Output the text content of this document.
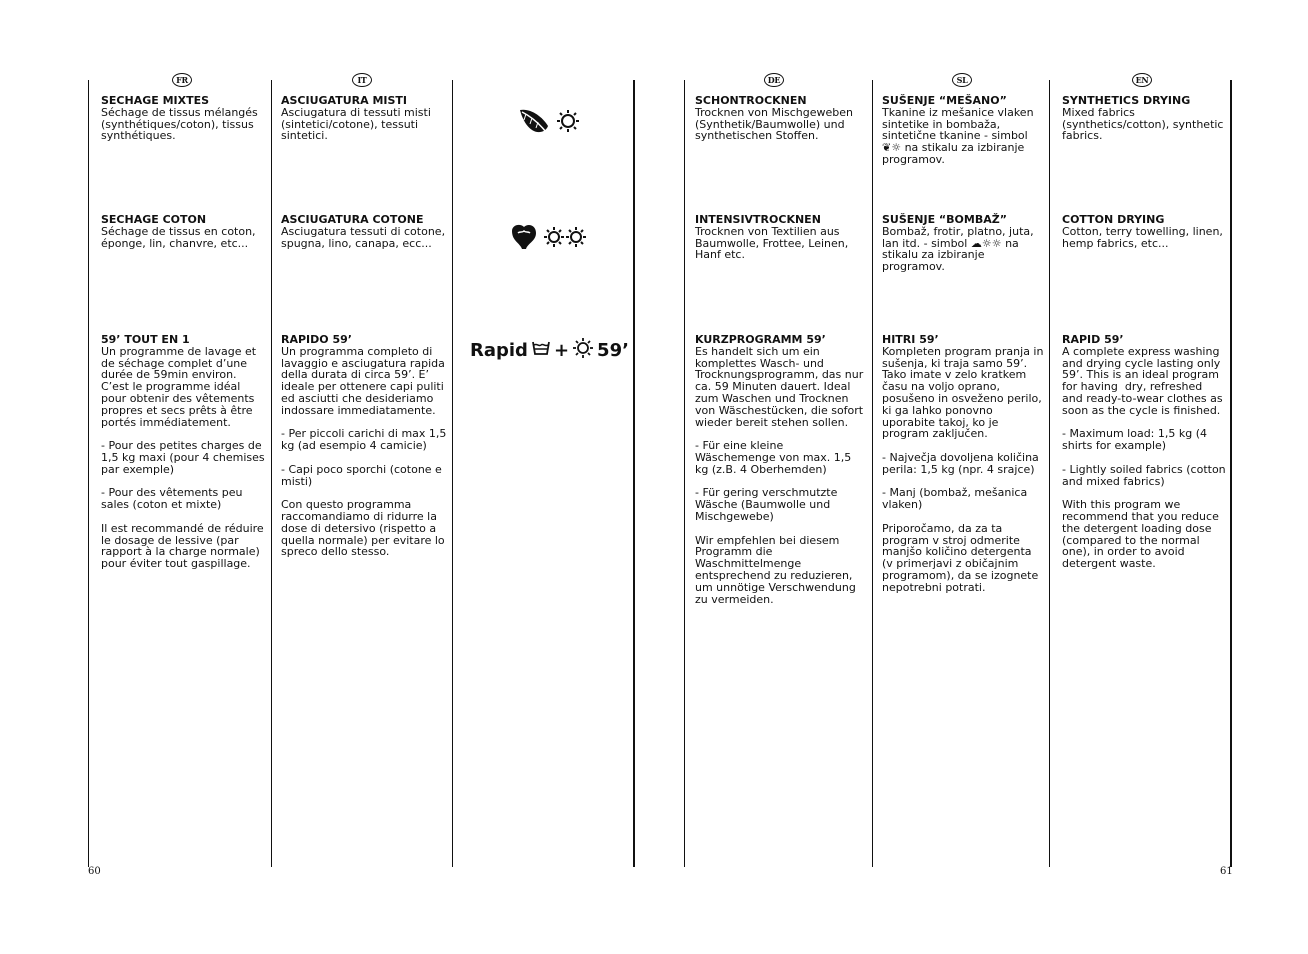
FR	IT	DE	SL	EN
SECHAGE MIXTES
Séchage de tissus mélangés (synthétiques/coton), tissus synthétiques.
SECHAGE COTON
Séchage de tissus en coton, éponge, lin, chanvre, etc...
59’ TOUT EN 1
Un programme de lavage et de séchage complet d’une durée de 59min environ. C’est le programme idéal pour obtenir des vêtements propres et secs prêts à être portés immédiatement.
- Pour des petites charges de 1,5 kg maxi (pour 4 chemises par exemple)
- Pour des vêtements peu sales (coton et mixte)
Il est recommandé de réduire le dosage de lessive (par rapport à la charge normale) pour éviter tout gaspillage.
ASCIUGATURA MISTI
Asciugatura di tessuti misti (sintetici/cotone), tessuti sintetici.
ASCIUGATURA COTONE
Asciugatura tessuti di cotone, spugna, lino, canapa, ecc...
RAPIDO 59’
Un programma completo di lavaggio e asciugatura rapida della durata di circa 59’. E’ ideale per ottenere capi puliti ed asciutti che desideriamo indossare immediatamente.
- Per piccoli carichi di max 1,5 kg (ad esempio 4 camicie)
- Capi poco sporchi (cotone e misti)
Con questo programma raccomandiamo di ridurre la dose di detersivo (rispetto a quella normale) per evitare lo spreco dello stesso.
Rapid + 59’
SCHONTROCKNEN
Trocknen von Mischgeweben (Synthetik/Baumwolle) und synthetischen Stoffen.
INTENSIVTROCKNEN
Trocknen von Textilien aus Baumwolle, Frottee, Leinen, Hanf etc.
KURZPROGRAMM 59’
Es handelt sich um ein komplettes Wasch- und Trocknungsprogramm, das nur ca. 59 Minuten dauert. Ideal zum Waschen und Trocknen von Wäschestücken, die sofort wieder bereit stehen sollen.
- Für eine kleine Wäschemenge von max. 1,5 kg (z.B. 4 Oberhemden)
- Für gering verschmutzte Wäsche (Baumwolle und Mischgewebe)
Wir empfehlen bei diesem Programm die Waschmittelmenge entsprechend zu reduzieren, um unnötige Verschwendung zu vermeiden.
SUŠENJE “MEŠANO”
Tkanine iz mešanice vlaken sintetike in bombaža, sintetične tkanine - simbol ❦☼ na stikalu za izbiranje programov.
SUŠENJE “BOMBAŽ”
Bombaž, frotir, platno, juta, lan itd. - simbol ☁☼☼ na stikalu za izbiranje programov.
HITRI 59’
Kompleten program pranja in sušenja, ki traja samo 59’. Tako imate v zelo kratkem času na voljo oprano, posušeno in osveženo perilo, ki ga lahko ponovno uporabite takoj, ko je program zaključen.
- Največja dovoljena količina perila: 1,5 kg (npr. 4 srajce)
- Manj (bombaž, mešanica vlaken)
Priporočamo, da za ta program v stroj odmerite manjšo količino detergenta (v primerjavi z običajnim programom), da se izognete nepotrebni potrati.
SYNTHETICS DRYING
Mixed fabrics (synthetics/cotton), synthetic fabrics.
COTTON DRYING
Cotton, terry towelling, linen, hemp fabrics, etc...
RAPID 59’
A complete express washing and drying cycle lasting only 59’. This is an ideal program for having  dry, refreshed and ready-to-wear clothes as soon as the cycle is finished.
- Maximum load: 1,5 kg (4 shirts for example)
- Lightly soiled fabrics (cotton and mixed fabrics)
With this program we recommend that you reduce the detergent loading dose (compared to the normal one), in order to avoid detergent waste.
60	61
